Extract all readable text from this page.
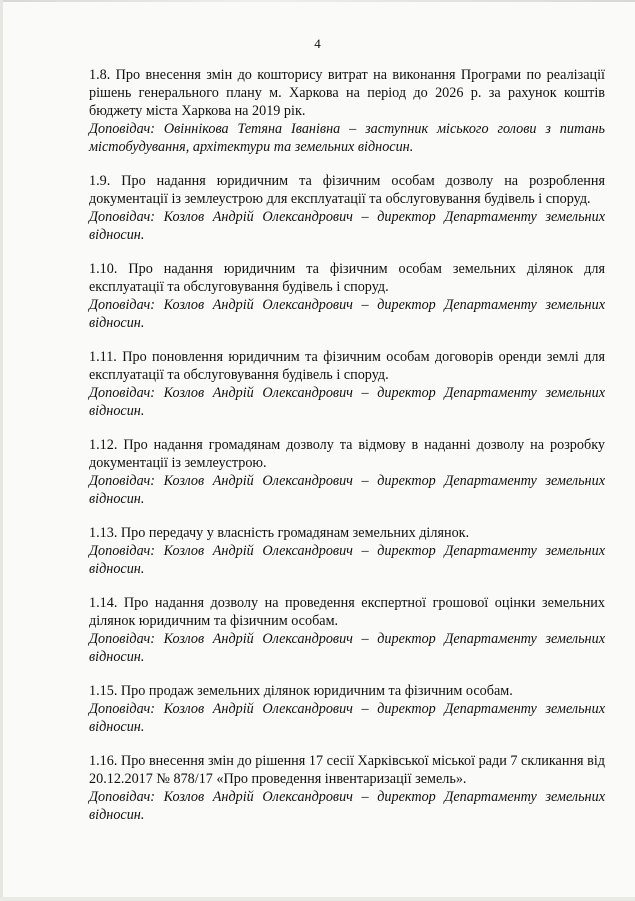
4

1.8. Про внесення змін до кошторису витрат на виконання Програми по реалізації рішень генерального плану м. Харкова на період до 2026 р. за рахунок коштів бюджету міста Харкова на 2019 рік.

Доповідач: Овіннікова Тетяна Іванівна – заступник міського голови з питань містобудування, архітектури та земельних відносин.

1.9. Про надання юридичним та фізичним особам дозволу на розроблення документації із землеустрою для експлуатації та обслуговування будівель і споруд.

Доповідач: Козлов Андрій Олександрович – директор Департаменту земельних відносин.

1.10. Про надання юридичним та фізичним особам земельних ділянок для експлуатації та обслуговування будівель і споруд.

Доповідач: Козлов Андрій Олександрович – директор Департаменту земельних відносин.

1.11. Про поновлення юридичним та фізичним особам договорів оренди землі для експлуатації та обслуговування будівель і споруд.

Доповідач: Козлов Андрій Олександрович – директор Департаменту земельних відносин.

1.12. Про надання громадянам дозволу та відмову в наданні дозволу на розробку документації із землеустрою.

Доповідач: Козлов Андрій Олександрович – директор Департаменту земельних відносин.

1.13. Про передачу у власність громадянам земельних ділянок.

Доповідач: Козлов Андрій Олександрович – директор Департаменту земельних відносин.

1.14. Про надання дозволу на проведення експертної грошової оцінки земельних ділянок юридичним та фізичним особам.

Доповідач: Козлов Андрій Олександрович – директор Департаменту земельних відносин.

1.15. Про продаж земельних ділянок юридичним та фізичним особам.

Доповідач: Козлов Андрій Олександрович – директор Департаменту земельних відносин.

1.16. Про внесення змін до рішення 17 сесії Харківської міської ради 7 скликання від 20.12.2017 № 878/17 «Про проведення інвентаризації земель».

Доповідач: Козлов Андрій Олександрович – директор Департаменту земельних відносин.
